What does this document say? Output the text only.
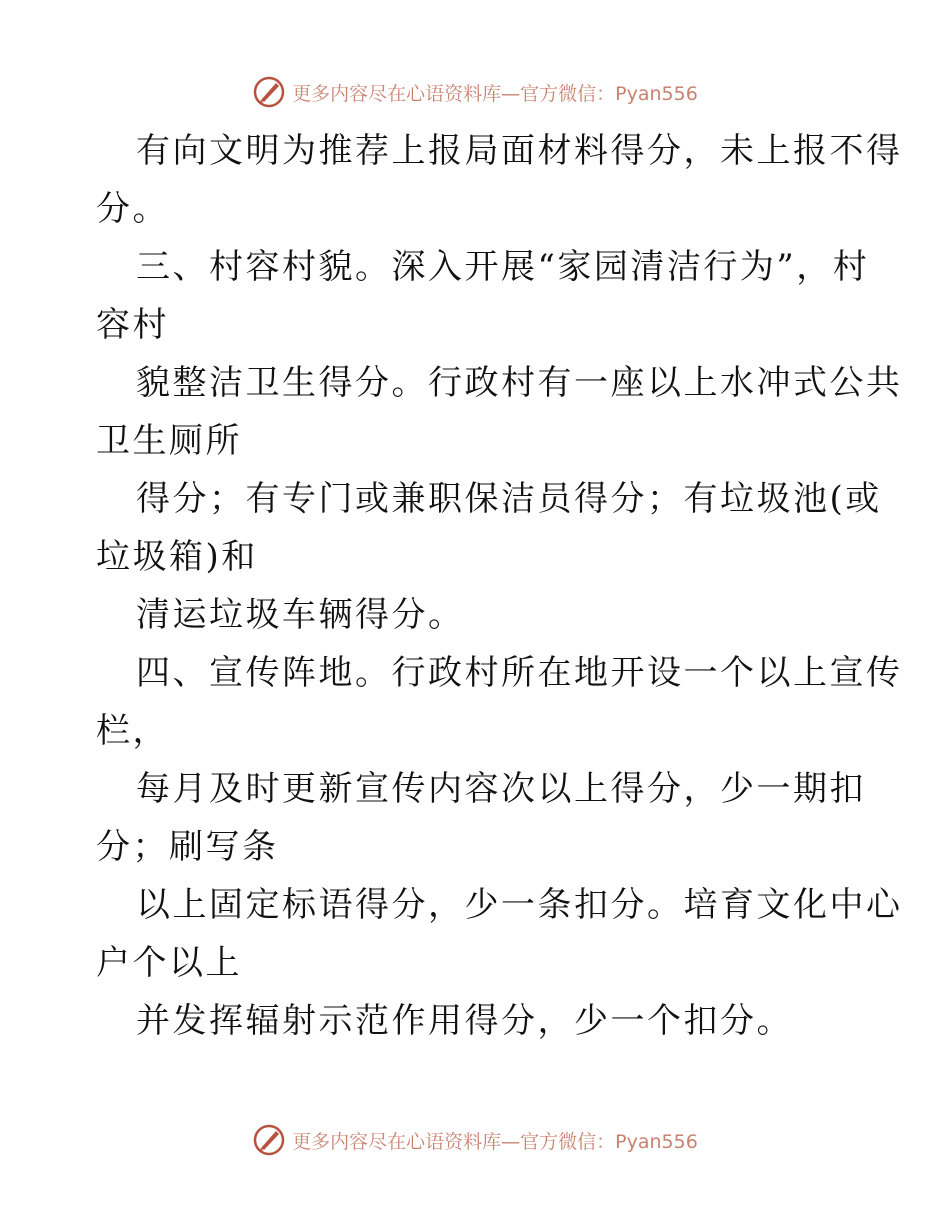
更多内容尽在心语资料库—官方微信：Pyan556
有向文明为推荐上报局面材料得分，未上报不得
分。
三、村容村貌。深入开展“家园清洁行为”，村
容村
貌整洁卫生得分。行政村有一座以上水冲式公共
卫生厕所
得分；有专门或兼职保洁员得分；有垃圾池(或
垃圾箱)和
清运垃圾车辆得分。
四、宣传阵地。行政村所在地开设一个以上宣传
栏，
每月及时更新宣传内容次以上得分，少一期扣
分；刷写条
以上固定标语得分，少一条扣分。培育文化中心
户个以上
并发挥辐射示范作用得分，少一个扣分。
更多内容尽在心语资料库—官方微信：Pyan556
